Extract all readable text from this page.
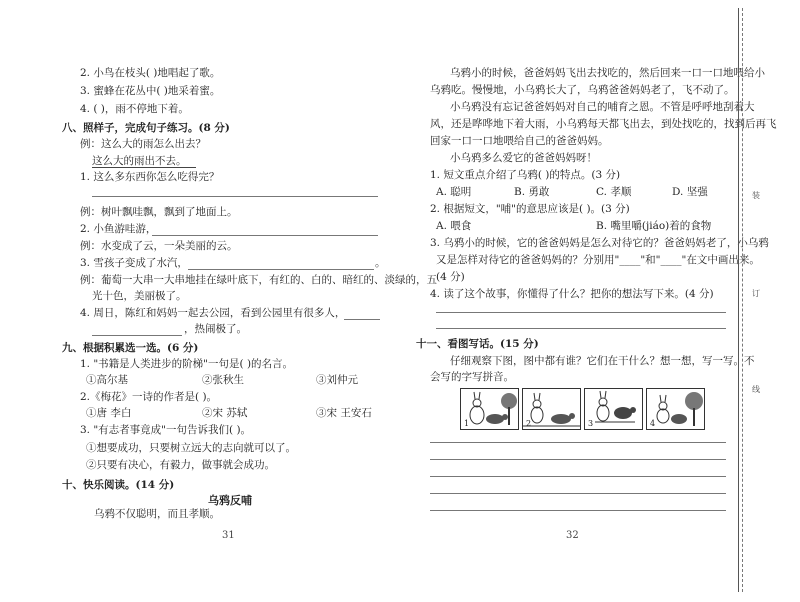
2. 小鸟在枝头( )地唱起了歌。
3. 蜜蜂在花丛中( )地采着蜜。
4. ( )，雨不停地下着。
八、照样子，完成句子练习。(8 分)
例：这么大的雨怎么出去？
这么大的雨出不去。
1. 这么多东西你怎么吃得完？
例：树叶飘哇飘，飘到了地面上。
2. 小鱼游哇游，
例：水变成了云，一朵美丽的云。
3. 雪孩子变成了水汽，	。
例：葡萄一大串一大串地挂在绿叶底下，有红的、白的、暗红的、淡绿的，五
光十色，美丽极了。
4. 周日，陈红和妈妈一起去公园，看到公园里有很多人，
，热闹极了。
九、根据积累选一选。(6 分)
1. "书籍是人类进步的阶梯"一句是( )的名言。
①高尔基	②张秋生	③刘仲元
2.《梅花》一诗的作者是( )。
①唐 李白	②宋 苏轼	③宋 王安石
3. "有志者事竟成"一句告诉我们( )。
①想要成功，只要树立远大的志向就可以了。
②只要有决心，有毅力，做事就会成功。
十、快乐阅读。(14 分)
乌鸦反哺
乌鸦不仅聪明，而且孝顺。
31
乌鸦小的时候，爸爸妈妈飞出去找吃的，然后回来一口一口地喂给小
乌鸦吃。慢慢地，小乌鸦长大了，乌鸦爸爸妈妈老了，飞不动了。
小乌鸦没有忘记爸爸妈妈对自己的哺育之恩。不管是呼呼地刮着大
风，还是哗哗地下着大雨，小乌鸦每天都飞出去，到处找吃的，找到后再飞
回家一口一口地喂给自己的爸爸妈妈。
小乌鸦多么爱它的爸爸妈妈呀！
1. 短文重点介绍了乌鸦( )的特点。(3 分)
A. 聪明	B. 勇敢	C. 孝顺	D. 坚强
2. 根据短文，"哺"的意思应该是( )。(3 分)
A. 喂食	B. 嘴里嚼(jiáo)着的食物
3. 乌鸦小的时候，它的爸爸妈妈是怎么对待它的？爸爸妈妈老了，小乌鸦
又是怎样对待它的爸爸妈妈的？分别用"____"和"____"在文中画出来。
(4 分)
4. 读了这个故事，你懂得了什么？把你的想法写下来。(4 分)
十一、看图写话。(15 分)
仔细观察下图，图中都有谁？它们在干什么？想一想，写一写。不
会写的字写拼音。
1	2	3	4
32
装
订
线
